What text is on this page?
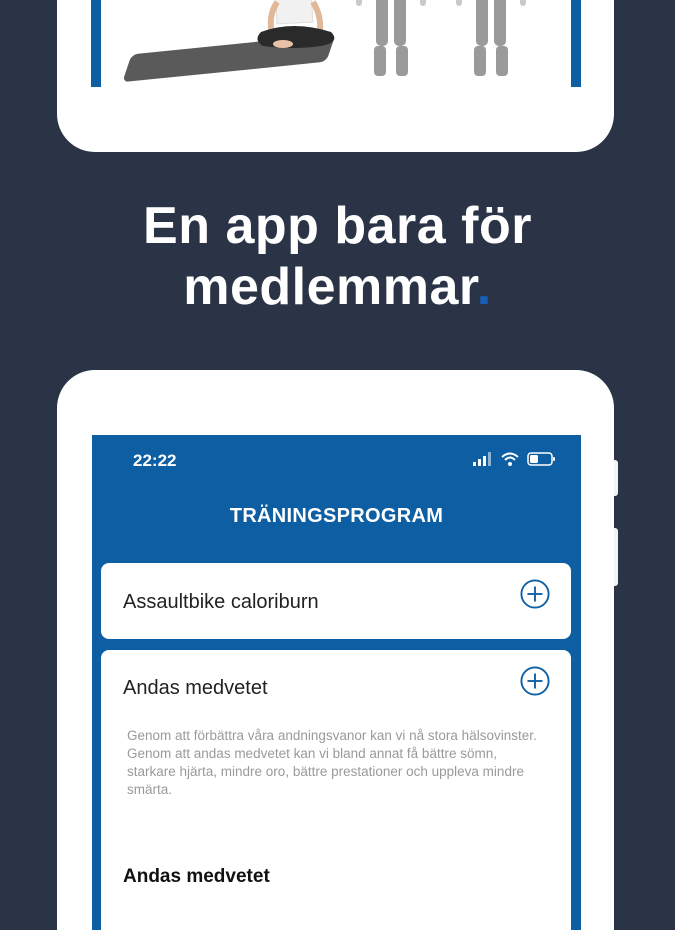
En app bara för
medlemmar.
22:22
TRÄNINGSPROGRAM
Assaultbike caloriburn
Andas medvetet
Genom att förbättra våra andningsvanor kan vi nå stora hälsovinster. Genom att andas medvetet kan vi bland annat få bättre sömn, starkare hjärta, mindre oro, bättre prestationer och uppleva mindre smärta.
Andas medvetet
